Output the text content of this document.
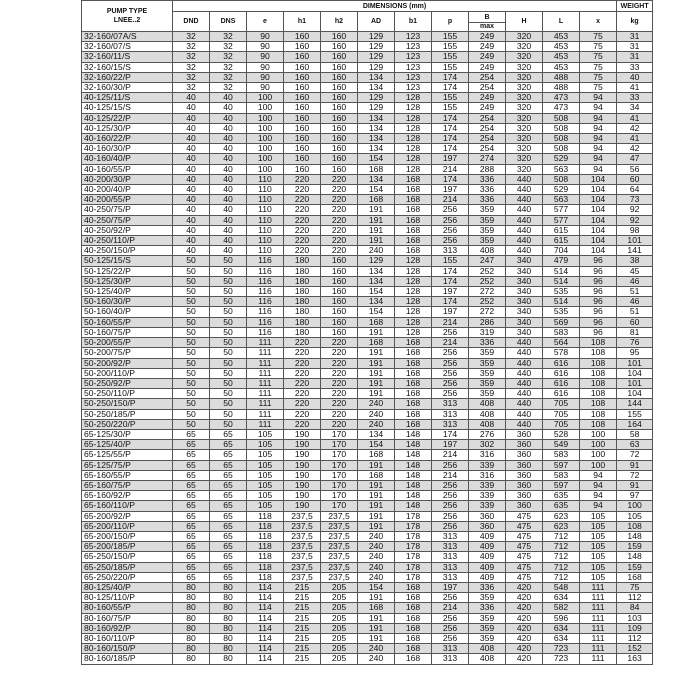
PUMP TYPE
LNEE..2	DIMENSIONS (mm)												WEIGHT
	DND	DNS	e	h1	h2	AD	b1	p	B	H	L	x	kg
									max				
32-160/07A/S	32	32	90	160	160	129	123	155	249	320	453	75	31
32-160/07/S	32	32	90	160	160	129	123	155	249	320	453	75	31
32-160/11/S	32	32	90	160	160	129	123	155	249	320	453	75	31
32-160/15/S	32	32	90	160	160	129	123	155	249	320	453	75	33
32-160/22/P	32	32	90	160	160	134	123	174	254	320	488	75	40
32-160/30/P	32	32	90	160	160	134	123	174	254	320	488	75	41
40-125/11/S	40	40	100	160	160	129	128	155	249	320	473	94	33
40-125/15/S	40	40	100	160	160	129	128	155	249	320	473	94	34
40-125/22/P	40	40	100	160	160	134	128	174	254	320	508	94	41
40-125/30/P	40	40	100	160	160	134	128	174	254	320	508	94	42
40-160/22/P	40	40	100	160	160	134	128	174	254	320	508	94	41
40-160/30/P	40	40	100	160	160	134	128	174	254	320	508	94	42
40-160/40/P	40	40	100	160	160	154	128	197	274	320	529	94	47
40-160/55/P	40	40	100	160	160	168	128	214	288	320	563	94	56
40-200/30/P	40	40	110	220	220	134	168	174	336	440	508	104	60
40-200/40/P	40	40	110	220	220	154	168	197	336	440	529	104	64
40-200/55/P	40	40	110	220	220	168	168	214	336	440	563	104	73
40-250/75/P	40	40	110	220	220	191	168	256	359	440	577	104	92
40-250/75/P	40	40	110	220	220	191	168	256	359	440	577	104	92
40-250/92/P	40	40	110	220	220	191	168	256	359	440	615	104	98
40-250/110/P	40	40	110	220	220	191	168	256	359	440	615	104	101
40-250/150/P	40	40	110	220	220	240	168	313	408	440	704	104	141
50-125/15/S	50	50	116	180	160	129	128	155	247	340	479	96	38
50-125/22/P	50	50	116	180	160	134	128	174	252	340	514	96	45
50-125/30/P	50	50	116	180	160	134	128	174	252	340	514	96	46
50-125/40/P	50	50	116	180	160	154	128	197	272	340	535	96	51
50-160/30/P	50	50	116	180	160	134	128	174	252	340	514	96	46
50-160/40/P	50	50	116	180	160	154	128	197	272	340	535	96	51
50-160/55/P	50	50	116	180	160	168	128	214	286	340	569	96	60
50-160/75/P	50	50	116	180	160	191	128	256	319	340	583	96	81
50-200/55/P	50	50	111	220	220	168	168	214	336	440	564	108	76
50-200/75/P	50	50	111	220	220	191	168	256	359	440	578	108	95
50-200/92/P	50	50	111	220	220	191	168	256	359	440	616	108	101
50-200/110/P	50	50	111	220	220	191	168	256	359	440	616	108	104
50-250/92/P	50	50	111	220	220	191	168	256	359	440	616	108	101
50-250/110/P	50	50	111	220	220	191	168	256	359	440	616	108	104
50-250/150/P	50	50	111	220	220	240	168	313	408	440	705	108	144
50-250/185/P	50	50	111	220	220	240	168	313	408	440	705	108	155
50-250/220/P	50	50	111	220	220	240	168	313	408	440	705	108	164
65-125/30/P	65	65	105	190	170	134	148	174	276	360	528	100	58
65-125/40/P	65	65	105	190	170	154	148	197	302	360	549	100	63
65-125/55/P	65	65	105	190	170	168	148	214	316	360	583	100	72
65-125/75/P	65	65	105	190	170	191	148	256	339	360	597	100	91
65-160/55/P	65	65	105	190	170	168	148	214	316	360	583	94	72
65-160/75/P	65	65	105	190	170	191	148	256	339	360	597	94	91
65-160/92/P	65	65	105	190	170	191	148	256	339	360	635	94	97
65-160/110/P	65	65	105	190	170	191	148	256	339	360	635	94	100
65-200/92/P	65	65	118	237,5	237,5	191	178	256	360	475	623	105	105
65-200/110/P	65	65	118	237,5	237,5	191	178	256	360	475	623	105	108
65-200/150/P	65	65	118	237,5	237,5	240	178	313	409	475	712	105	148
65-200/185/P	65	65	118	237,5	237,5	240	178	313	409	475	712	105	159
65-250/150/P	65	65	118	237,5	237,5	240	178	313	409	475	712	105	148
65-250/185/P	65	65	118	237,5	237,5	240	178	313	409	475	712	105	159
65-250/220/P	65	65	118	237,5	237,5	240	178	313	409	475	712	105	168
80-125/40/P	80	80	114	215	205	154	168	197	336	420	548	111	75
80-125/110/P	80	80	114	215	205	191	168	256	359	420	634	111	112
80-160/55/P	80	80	114	215	205	168	168	214	336	420	582	111	84
80-160/75/P	80	80	114	215	205	191	168	256	359	420	596	111	103
80-160/92/P	80	80	114	215	205	191	168	256	359	420	634	111	109
80-160/110/P	80	80	114	215	205	191	168	256	359	420	634	111	112
80-160/150/P	80	80	114	215	205	240	168	313	408	420	723	111	152
80-160/185/P	80	80	114	215	205	240	168	313	408	420	723	111	163
